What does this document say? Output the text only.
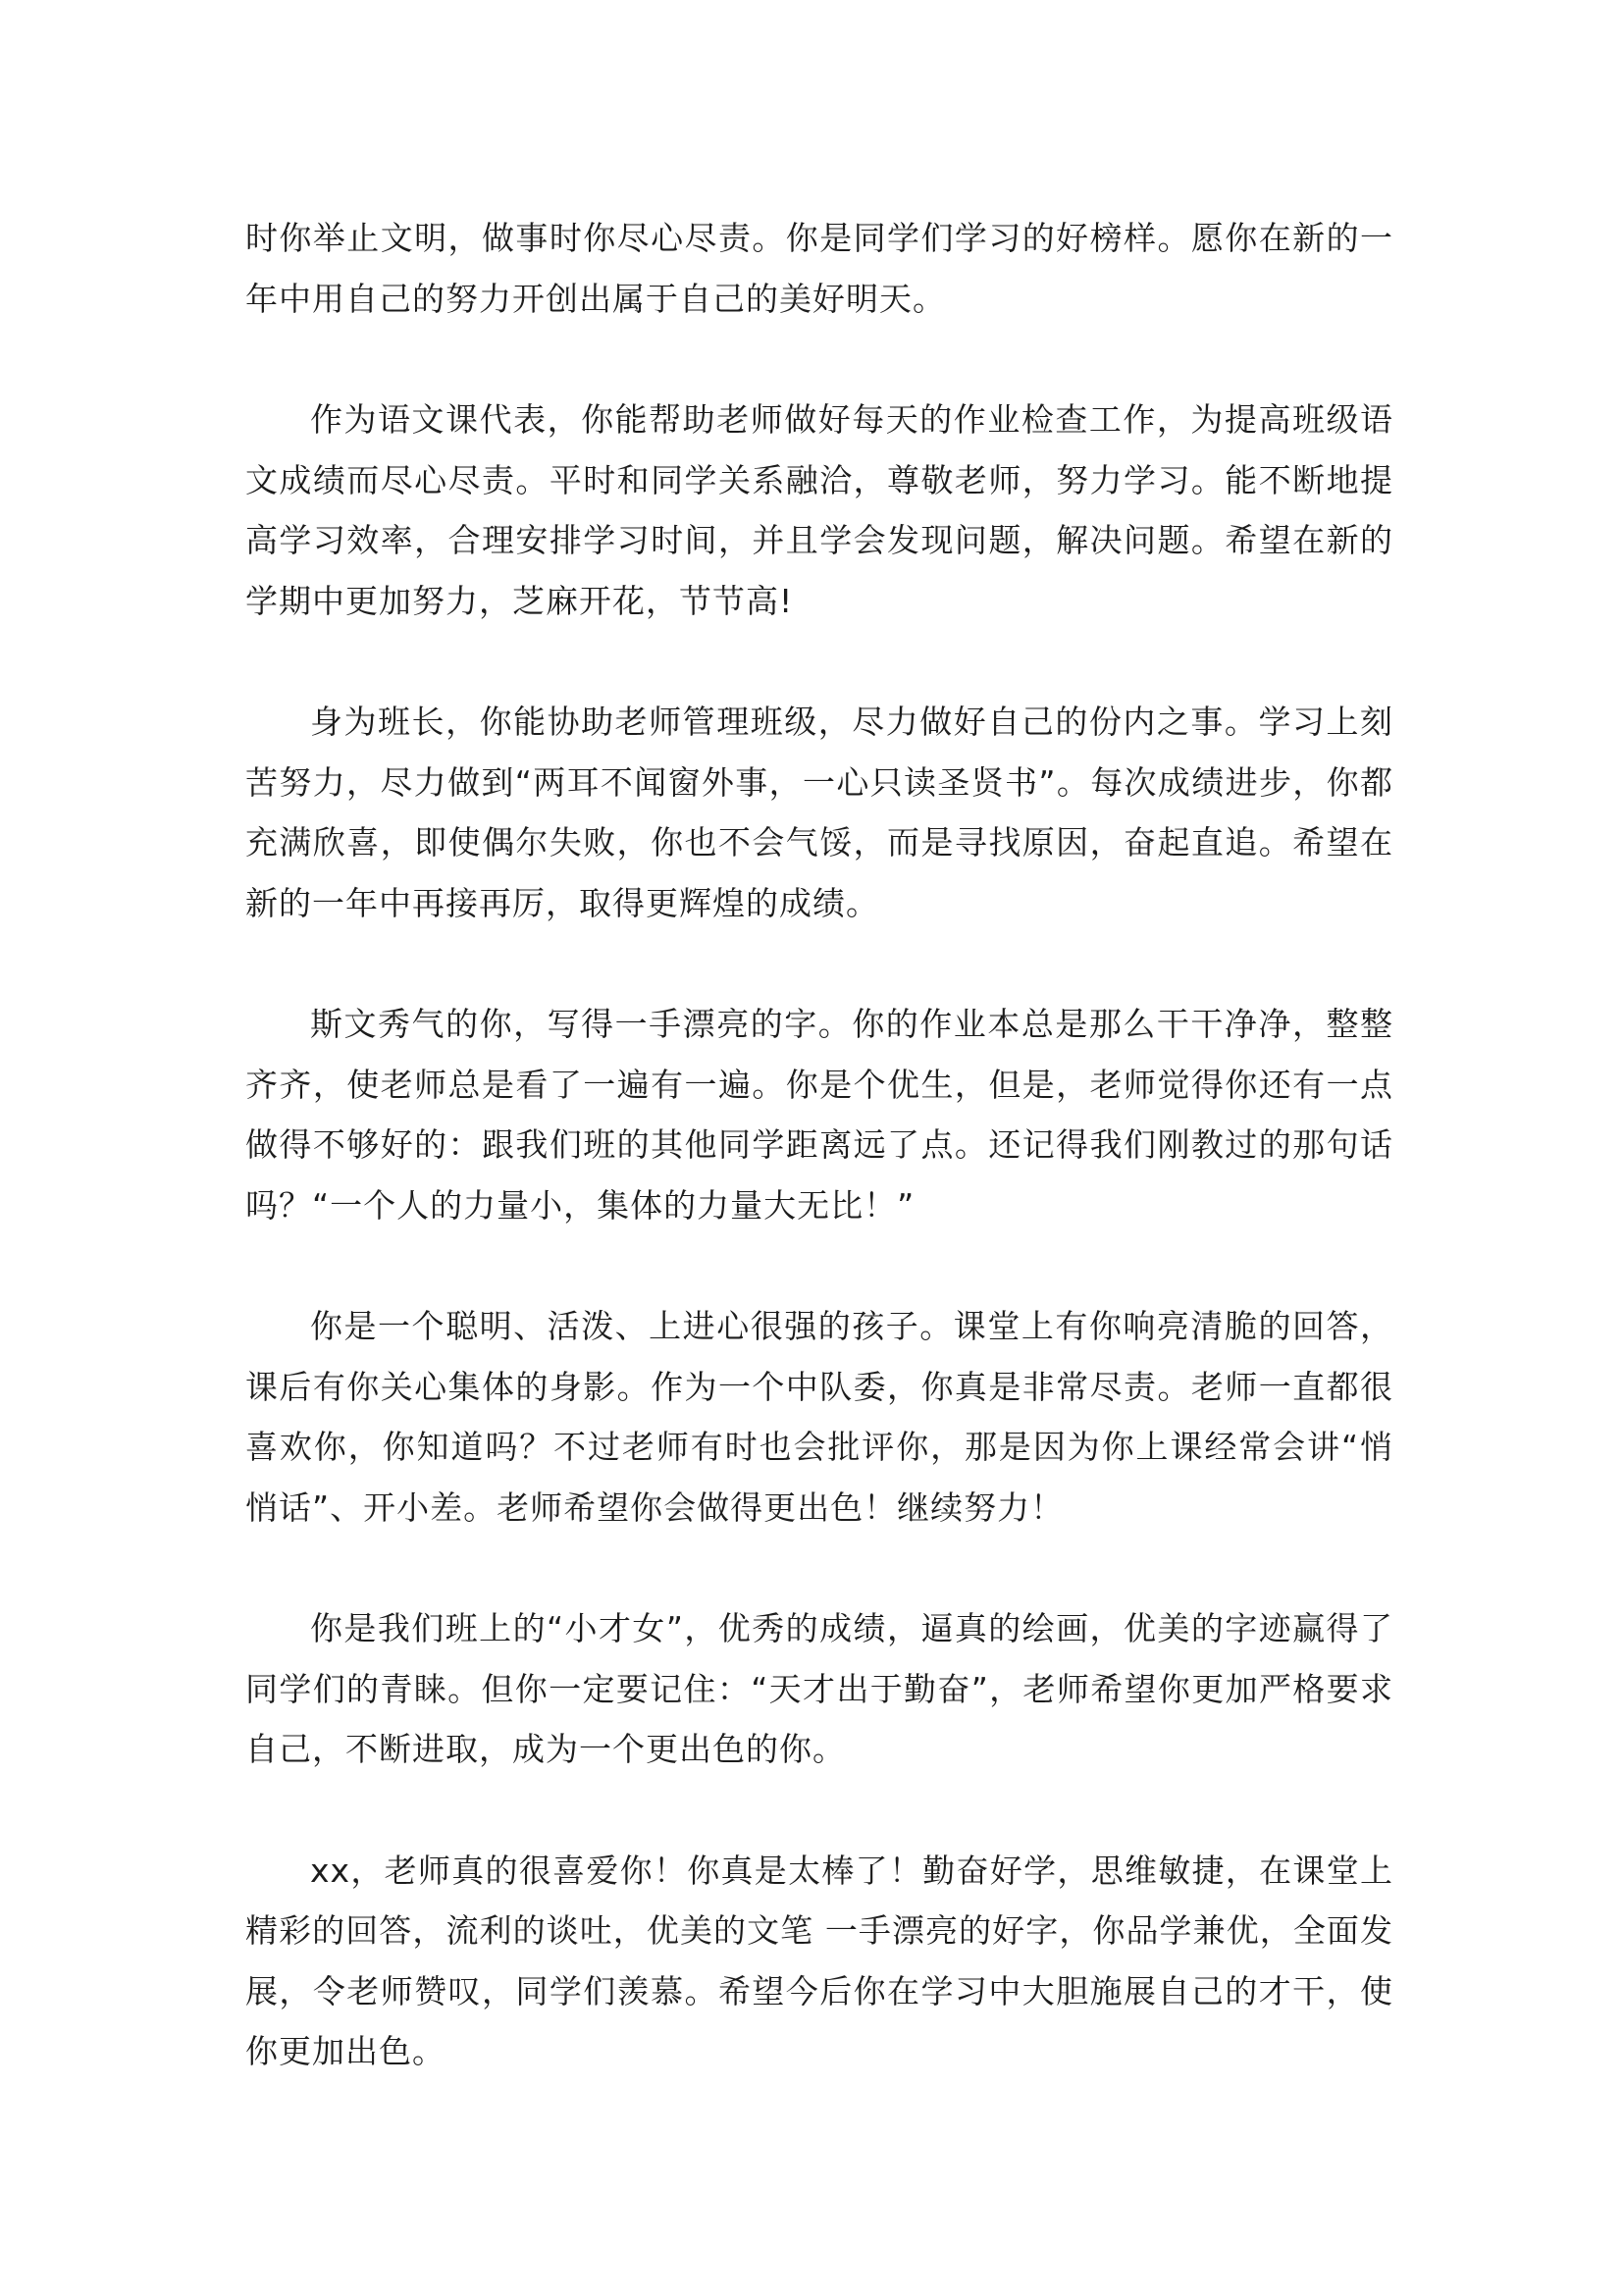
时你举止文明，做事时你尽心尽责。你是同学们学习的好榜样。愿你在新的一年中用自己的努力开创出属于自己的美好明天。

作为语文课代表，你能帮助老师做好每天的作业检查工作，为提高班级语文成绩而尽心尽责。平时和同学关系融洽，尊敬老师，努力学习。能不断地提高学习效率，合理安排学习时间，并且学会发现问题，解决问题。希望在新的学期中更加努力，芝麻开花，节节高!

身为班长，你能协助老师管理班级，尽力做好自己的份内之事。学习上刻苦努力，尽力做到“两耳不闻窗外事，一心只读圣贤书”。每次成绩进步，你都充满欣喜，即使偶尔失败，你也不会气馁，而是寻找原因，奋起直追。希望在新的一年中再接再厉，取得更辉煌的成绩。

斯文秀气的你，写得一手漂亮的字。你的作业本总是那么干干净净，整整齐齐，使老师总是看了一遍有一遍。你是个优生，但是，老师觉得你还有一点做得不够好的：跟我们班的其他同学距离远了点。还记得我们刚教过的那句话吗？“一个人的力量小，集体的力量大无比！”

你是一个聪明、活泼、上进心很强的孩子。课堂上有你响亮清脆的回答，课后有你关心集体的身影。作为一个中队委，你真是非常尽责。老师一直都很喜欢你，你知道吗？不过老师有时也会批评你，那是因为你上课经常会讲“悄悄话”、开小差。老师希望你会做得更出色！继续努力！

你是我们班上的“小才女”，优秀的成绩，逼真的绘画，优美的字迹赢得了同学们的青睐。但你一定要记住：“天才出于勤奋”，老师希望你更加严格要求自己，不断进取，成为一个更出色的你。

xx，老师真的很喜爱你！你真是太棒了！勤奋好学，思维敏捷，在课堂上精彩的回答，流利的谈吐，优美的文笔 一手漂亮的好字，你品学兼优，全面发展，令老师赞叹，同学们羡慕。希望今后你在学习中大胆施展自己的才干，使你更加出色。
